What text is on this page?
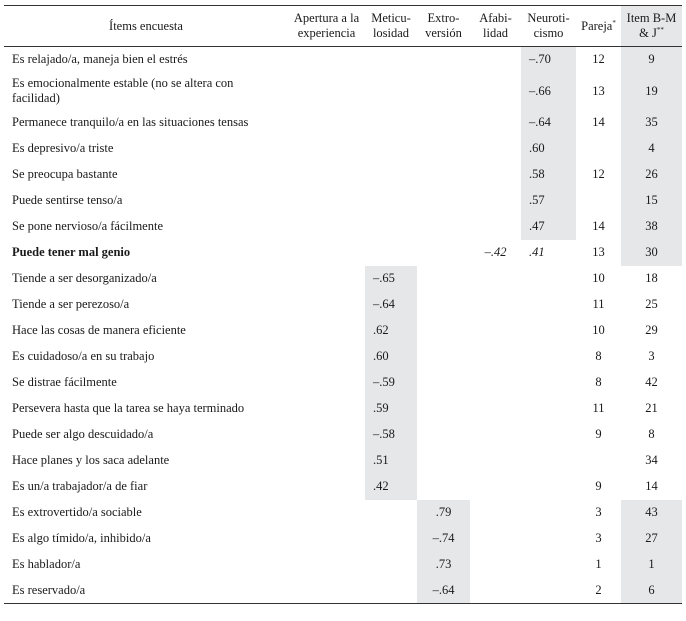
Ítems encuesta	Apertura a la experiencia	Meticu- losidad	Extro- versión	Afabi- lidad	Neuroti- cismo	Pareja*	Item B-M & J**
Es relajado/a, maneja bien el estrés					–.70	12	9
Es emocionalmente estable (no se altera con facilidad)					–.66	13	19
Permanece tranquilo/a en las situaciones tensas					–.64	14	35
Es depresivo/a triste					.60		4
Se preocupa bastante					.58	12	26
Puede sentirse tenso/a					.57		15
Se pone nervioso/a fácilmente					.47	14	38
Puede tener mal genio				–.42	.41	13	30
Tiende a ser desorganizado/a		–.65				10	18
Tiende a ser perezoso/a		–.64				11	25
Hace las cosas de manera eficiente		.62				10	29
Es cuidadoso/a en su trabajo		.60				8	3
Se distrae fácilmente		–.59				8	42
Persevera hasta que la tarea se haya terminado		.59				11	21
Puede ser algo descuidado/a		–.58				9	8
Hace planes y los saca adelante		.51					34
Es un/a trabajador/a de fiar		.42				9	14
Es extrovertido/a sociable			.79			3	43
Es algo tímido/a, inhibido/a			–.74			3	27
Es hablador/a			.73			1	1
Es reservado/a			–.64			2	6
